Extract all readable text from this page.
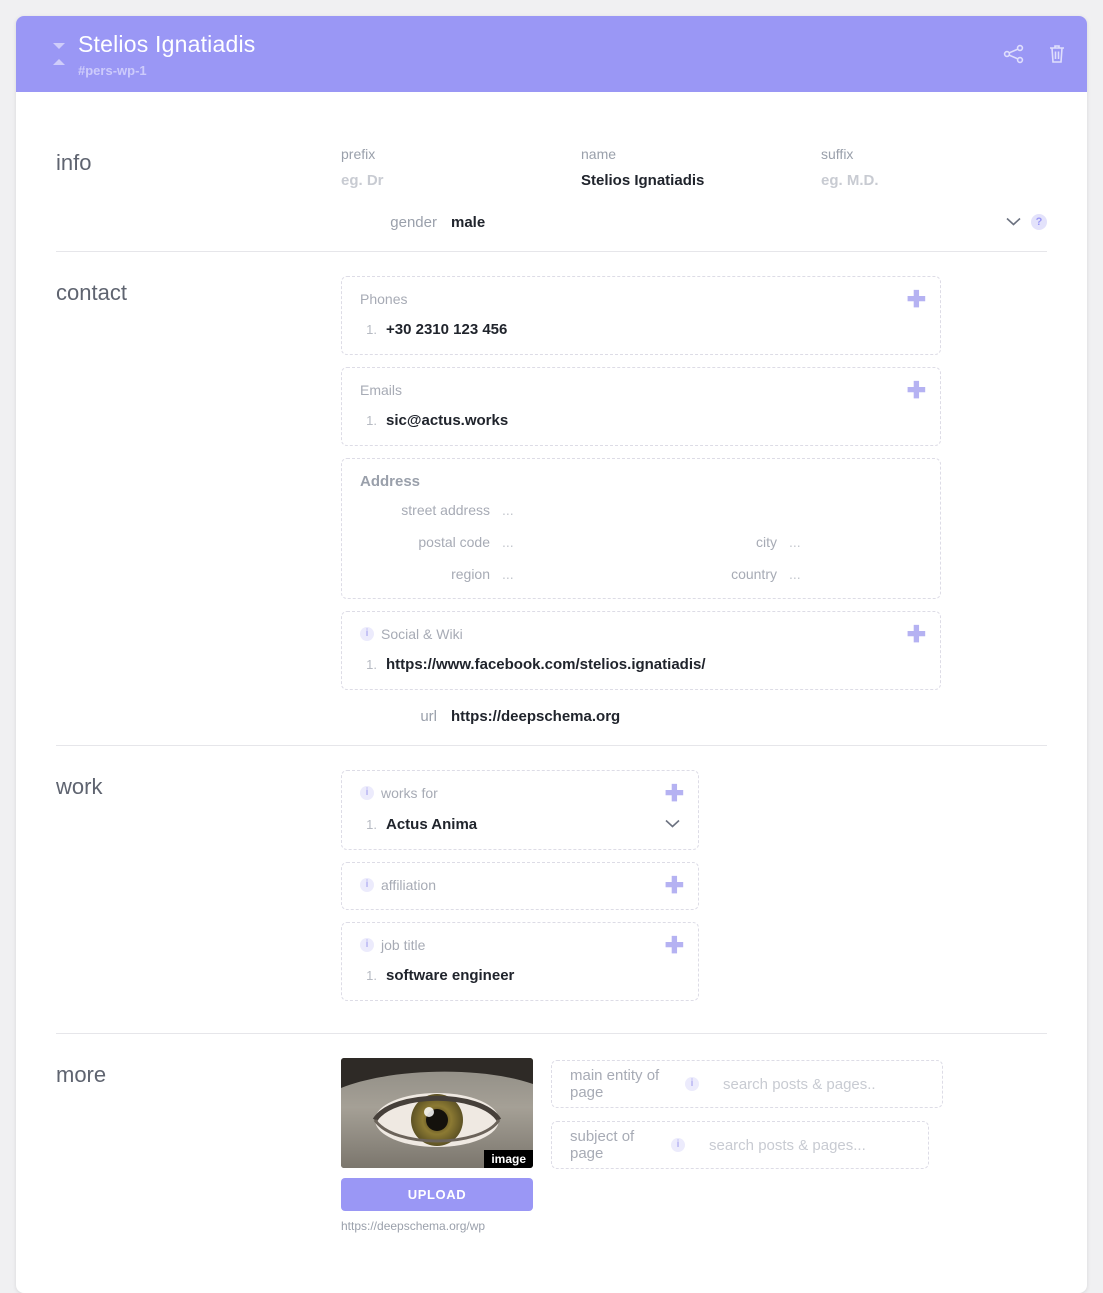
Stelios Ignatiadis
#pers-wp-1
info	prefix
eg. Dr
name
Stelios Ignatiadis
suffix
eg. M.D.
gender male	?
contact	Phones	✚
1. +30 2310 123 456
Emails	✚
1. sic@actus.works
Address
street address ...
postal code ...	city ...
region ...	country ...
i Social & Wiki	✚
1. https://www.facebook.com/stelios.ignatiadis/
url https://deepschema.org
work	i works for	✚
1. Actus Anima
i affiliation	✚
i job title	✚
1. software engineer
more
image
UPLOAD
https://deepschema.org/wp
main entity of page
i
search posts & pages..
subject of page
i
search posts & pages...
